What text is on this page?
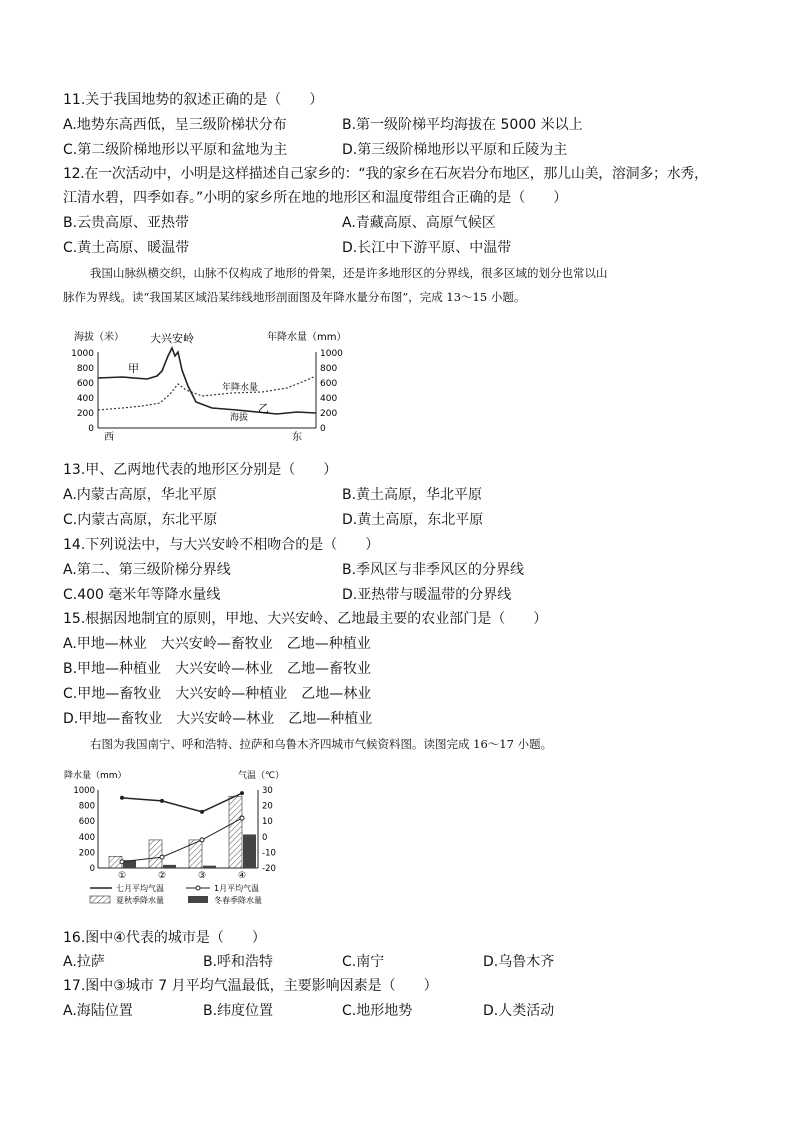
11.关于我国地势的叙述正确的是（　　）
A.地势东高西低，呈三级阶梯状分布	B.第一级阶梯平均海拔在 5000 米以上
C.第二级阶梯地形以平原和盆地为主	D.第三级阶梯地形以平原和丘陵为主
12.在一次活动中，小明是这样描述自己家乡的：“我的家乡在石灰岩分布地区，那儿山美，溶洞多；水秀，
江清水碧，四季如春。”小明的家乡所在地的地形区和温度带组合正确的是（　　）
B.云贵高原、亚热带	A.青藏高原、高原气候区
C.黄土高原、暖温带	D.长江中下游平原、中温带
我国山脉纵横交织，山脉不仅构成了地形的骨架，还是许多地形区的分界线，很多区域的划分也常以山
脉作为界线。读“我国某区域沿某纬线地形剖面图及年降水量分布图”，完成 13～15 小题。
海拔（米）	年降水量（mm）
大兴安岭
1000
800
600
400
200
0
1000
800
600
400
200
0
甲
乙
年降水量
海拔
西	东
13.甲、乙两地代表的地形区分别是（　　）
A.内蒙古高原，华北平原	B.黄土高原，华北平原
C.内蒙古高原，东北平原	D.黄土高原，东北平原
14.下列说法中，与大兴安岭不相吻合的是（　　）
A.第二、第三级阶梯分界线	B.季风区与非季风区的分界线
C.400 毫米年等降水量线	D.亚热带与暖温带的分界线
15.根据因地制宜的原则，甲地、大兴安岭、乙地最主要的农业部门是（　　）
A.甲地—林业　大兴安岭—畜牧业　乙地—种植业
B.甲地—种植业　大兴安岭—林业　乙地—畜牧业
C.甲地—畜牧业　大兴安岭—种植业　乙地—林业
D.甲地—畜牧业　大兴安岭—林业　乙地—种植业
右图为我国南宁、呼和浩特、拉萨和乌鲁木齐四城市气候资料图。读图完成 16～17 小题。
降水量（mm）	气温（℃）
1000
800
600
400
200
0
30
20
10
0
-10
-20
①	②	③	④
七月平均气温	1月平均气温
夏秋季降水量	冬春季降水量
16.图中④代表的城市是（　　）
A.拉萨	B.呼和浩特	C.南宁	D.乌鲁木齐
17.图中③城市 7 月平均气温最低，主要影响因素是（　　）
A.海陆位置	B.纬度位置	C.地形地势	D.人类活动
